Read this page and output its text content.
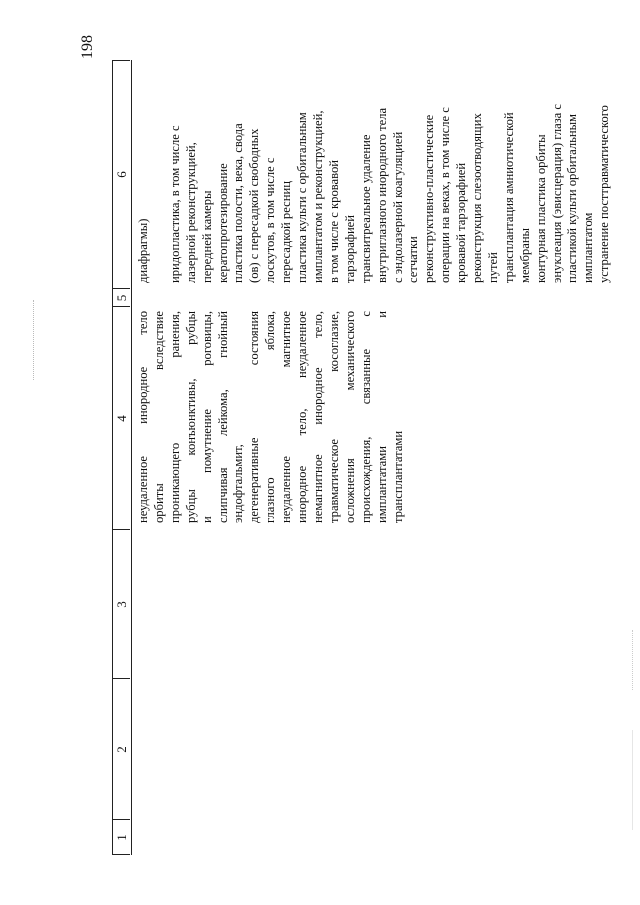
198
1
2
3
4
5
6
неудаленное инородное тело орбиты вследствие проникающего ранения, рубцы конъюнктивы, рубцы и помутнение роговицы, слипчивая лейкома, гнойный эндофтальмит, дегенеративные состояния глазного яблока, неудаленное магнитное инородное тело, неудаленное немагнитное инородное тело, травматическое косоглазие, осложнения механического происхождения, связанные с имплантатами и трансплантатами
диафрагмы)
иридопластика, в том числе с лазерной реконструкцией, передней камеры кератопротезирование пластика полости, века, свода (ов) с пересадкой свободных лоскутов, в том числе с пересадкой ресниц пластика культи с орбитальным имплантатом и реконструкцией, в том числе с кровавой тарзорафией трансвитреальное удаление внутриглазного инородного тела с эндолазерной коагуляцией сетчатки реконструктивно-пластические операции на веках, в том числе с кровавой тарзорафией реконструкция слезоотводящих путей трансплантация амниотической мембраны контурная пластика орбиты энуклеация (эвисцерация) глаза с пластикой культи орбитальным имплантатом устранение посттравматического
